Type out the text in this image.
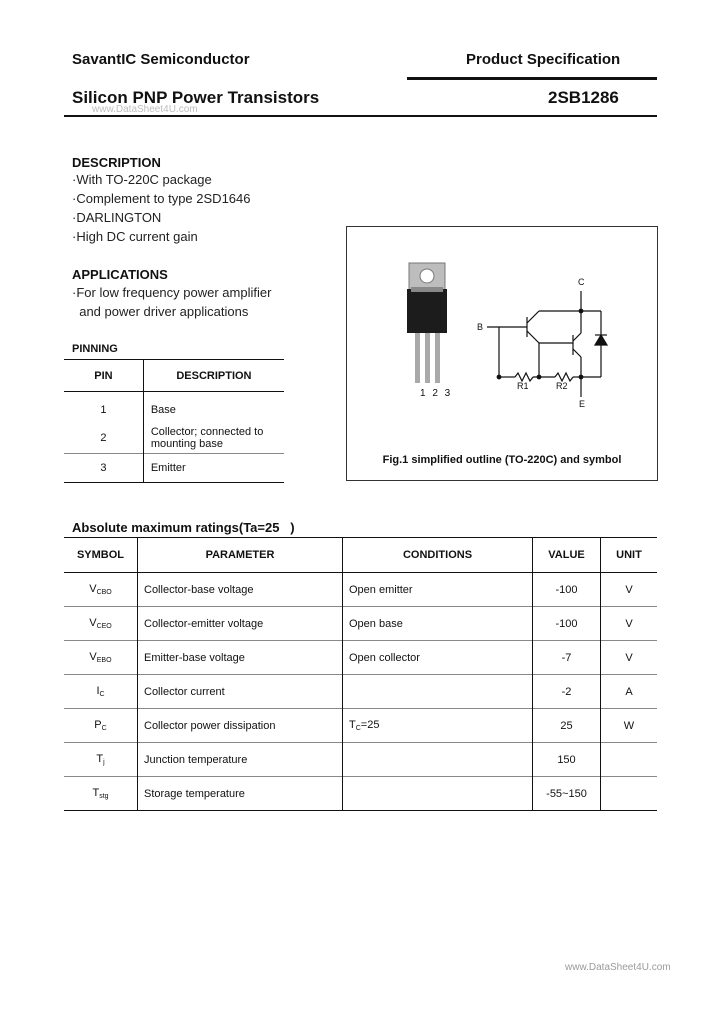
SavantIC Semiconductor	Product Specification
Silicon PNP Power Transistors	2SB1286
www.DataSheet4U.com
DESCRIPTION
·With TO-220C package
·Complement to type 2SD1646
·DARLINGTON
·High DC current gain
APPLICATIONS
·For low frequency power amplifier
and power driver applications
PINNING
PIN	DESCRIPTION
1	Base
2	Collector; connected to mounting base
3	Emitter
1 2 3
C
B
R1	R2
E
Fig.1 simplified outline (TO-220C) and symbol
Absolute maximum ratings(Ta=25   )
SYMBOL	PARAMETER	CONDITIONS	VALUE	UNIT
$V_{CBO}$	Collector-base voltage	Open emitter	-100	V
$V_{CEO}$	Collector-emitter voltage	Open base	-100	V
$V_{EBO}$	Emitter-base voltage	Open collector	-7	V
$I_C$	Collector current		-2	A
$P_C$	Collector power dissipation	$T_C=25$	25	W
$T_j$	Junction temperature		150	
$T_{stg}$	Storage temperature		-55~150	
www.DataSheet4U.com
